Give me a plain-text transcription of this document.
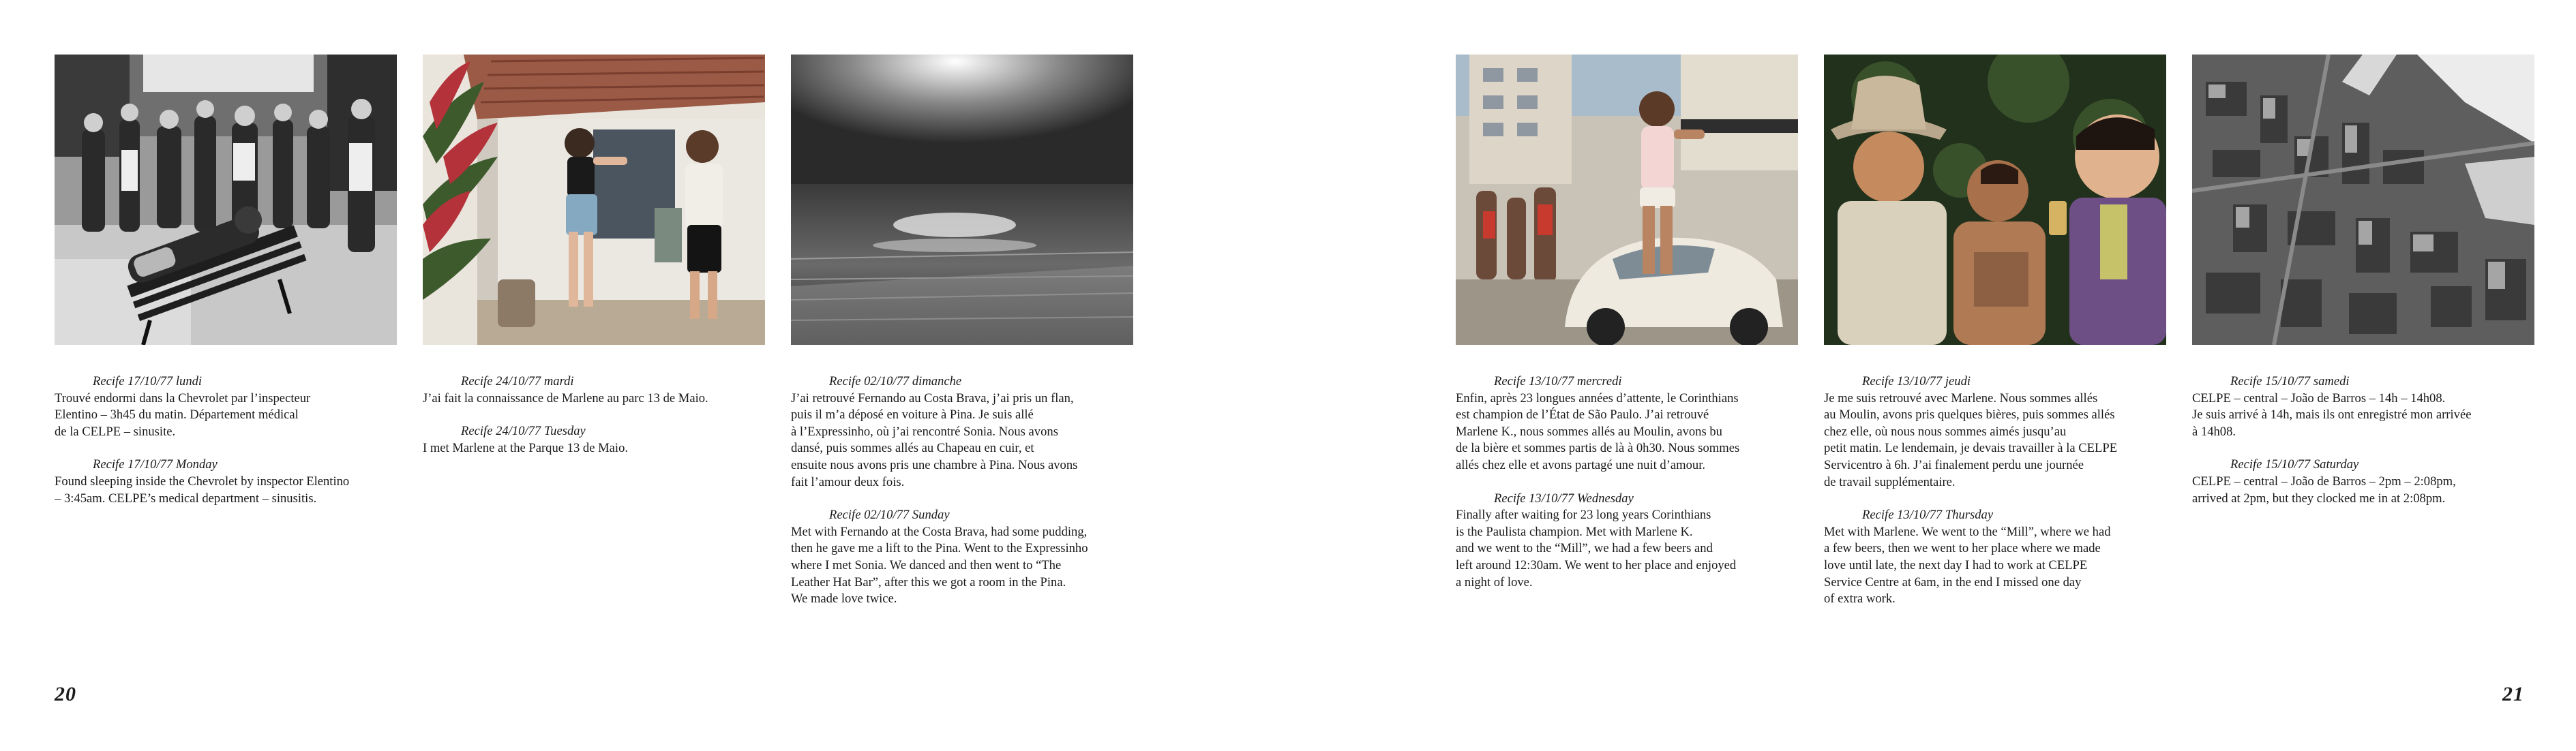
Recife 17/10/77 lundi

Trouvé endormi dans la Chevrolet par l’inspecteur
Elentino – 3h45 du matin. Département médical
de la CELPE – sinusite.

Recife 17/10/77 Monday

Found sleeping inside the Chevrolet by inspector Elentino
– 3:45am. CELPE’s medical department – sinusitis.

Recife 24/10/77 mardi

J’ai fait la connaissance de Marlene au parc 13 de Maio.

Recife 24/10/77 Tuesday

I met Marlene at the Parque 13 de Maio.

Recife 02/10/77 dimanche

J’ai retrouvé Fernando au Costa Brava, j’ai pris un flan,
puis il m’a déposé en voiture à Pina. Je suis allé
à l’Expressinho, où j’ai rencontré Sonia. Nous avons
dansé, puis sommes allés au Chapeau en cuir, et
ensuite nous avons pris une chambre à Pina. Nous avons
fait l’amour deux fois.

Recife 02/10/77 Sunday

Met with Fernando at the Costa Brava, had some pudding,
then he gave me a lift to the Pina. Went to the Expressinho
where I met Sonia. We danced and then went to “The
Leather Hat Bar”, after this we got a room in the Pina.
We made love twice.

20

Recife 13/10/77 mercredi

Enfin, après 23 longues années d’attente, le Corinthians
est champion de l’État de São Paulo. J’ai retrouvé
Marlene K., nous sommes allés au Moulin, avons bu
de la bière et sommes partis de là à 0h30. Nous sommes
allés chez elle et avons partagé une nuit d’amour.

Recife 13/10/77 Wednesday

Finally after waiting for 23 long years Corinthians
is the Paulista champion. Met with Marlene K.
and we went to the “Mill”, we had a few beers and
left around 12:30am. We went to her place and enjoyed
a night of love.

Recife 13/10/77 jeudi

Je me suis retrouvé avec Marlene. Nous sommes allés
au Moulin, avons pris quelques bières, puis sommes allés
chez elle, où nous nous sommes aimés jusqu’au
petit matin. Le lendemain, je devais travailler à la CELPE
Servicentro à 6h. J’ai finalement perdu une journée
de travail supplémentaire.

Recife 13/10/77 Thursday

Met with Marlene. We went to the “Mill”, where we had
a few beers, then we went to her place where we made
love until late, the next day I had to work at CELPE
Service Centre at 6am, in the end I missed one day
of extra work.

Recife 15/10/77 samedi

CELPE – central – João de Barros – 14h – 14h08.
Je suis arrivé à 14h, mais ils ont enregistré mon arrivée
à 14h08.

Recife 15/10/77 Saturday

CELPE – central – João de Barros – 2pm – 2:08pm,
arrived at 2pm, but they clocked me in at 2:08pm.

21
